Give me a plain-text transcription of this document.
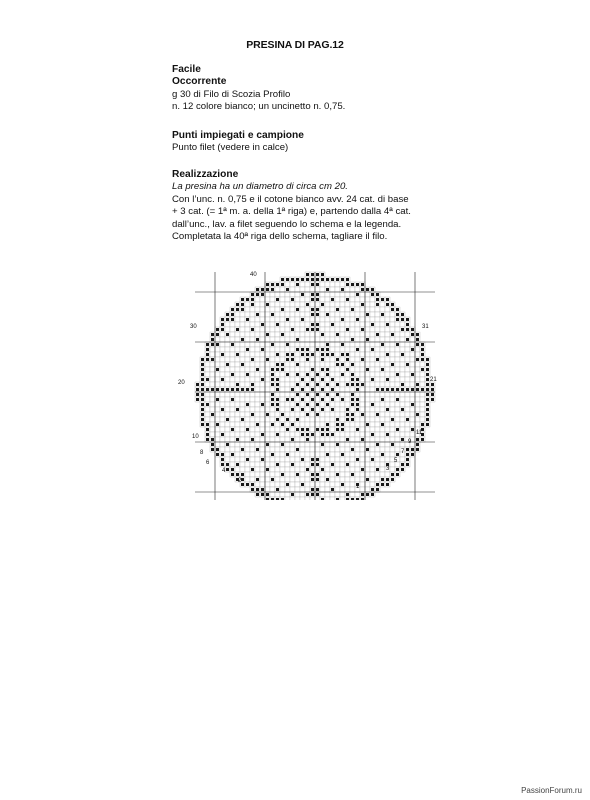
PRESINA DI PAG.12
Facile
Occorrente
g 30 di Filo di Scozia Profilo
n. 12 colore bianco; un uncinetto n. 0,75.
Punti impiegati e campione
Punto filet (vedere in calce)
Realizzazione
La presina ha un diametro di circa cm 20.
Con l’unc. n. 0,75 e il cotone bianco avv. 24 cat. di base
+ 3 cat. (= 1ª m. a. della 1ª riga) e, partendo dalla 4ª cat.
dall’unc., lav. a filet seguendo lo schema e la legenda.
Completata la 40ª riga dello schema, tagliare il filo.
40
30
20
10
8
6
4
2
31
21
11
9
7
5
3
1
PassionForum.ru
